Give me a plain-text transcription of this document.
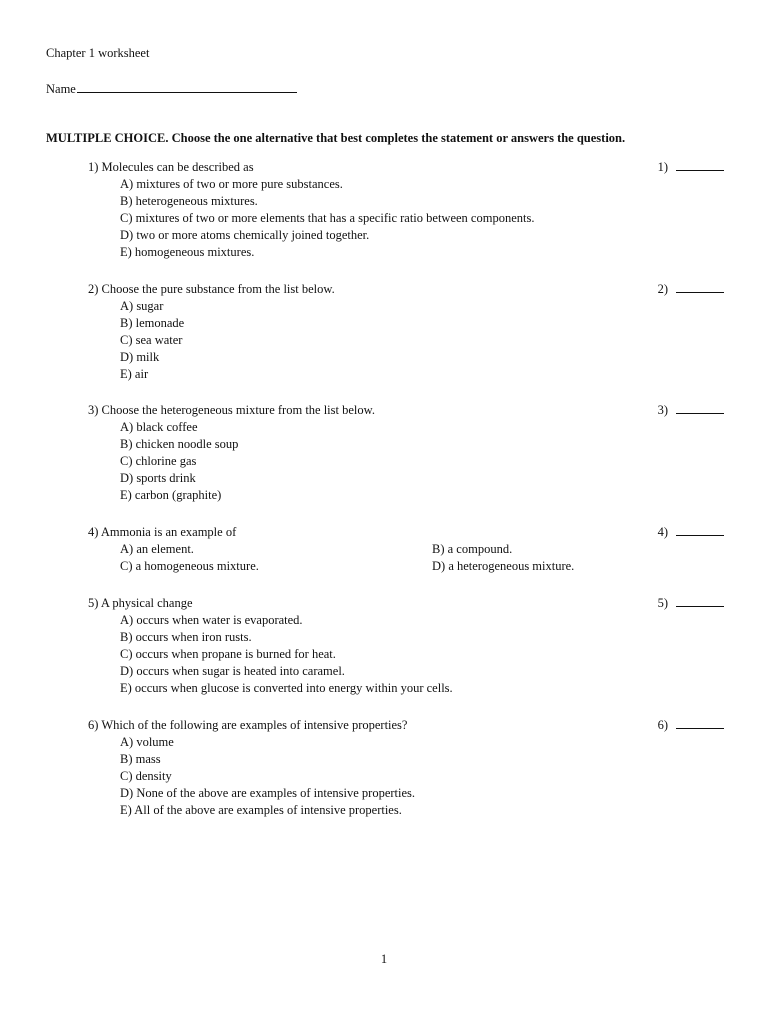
Chapter 1 worksheet
Name
MULTIPLE CHOICE. Choose the one alternative that best completes the statement or answers the question.
1) Molecules can be described as	1)
A) mixtures of two or more pure substances.
B) heterogeneous mixtures.
C) mixtures of two or more elements that has a specific ratio between components.
D) two or more atoms chemically joined together.
E) homogeneous mixtures.
2) Choose the pure substance from the list below.	2)
A) sugar
B) lemonade
C) sea water
D) milk
E) air
3) Choose the heterogeneous mixture from the list below.	3)
A) black coffee
B) chicken noodle soup
C) chlorine gas
D) sports drink
E) carbon (graphite)
4) Ammonia is an example of	4)
A) an element.	B) a compound.
C) a homogeneous mixture.	D) a heterogeneous mixture.
5) A physical change	5)
A) occurs when water is evaporated.
B) occurs when iron rusts.
C) occurs when propane is burned for heat.
D) occurs when sugar is heated into caramel.
E) occurs when glucose is converted into energy within your cells.
6) Which of the following are examples of intensive properties?	6)
A) volume
B) mass
C) density
D) None of the above are examples of intensive properties.
E) All of the above are examples of intensive properties.
1
